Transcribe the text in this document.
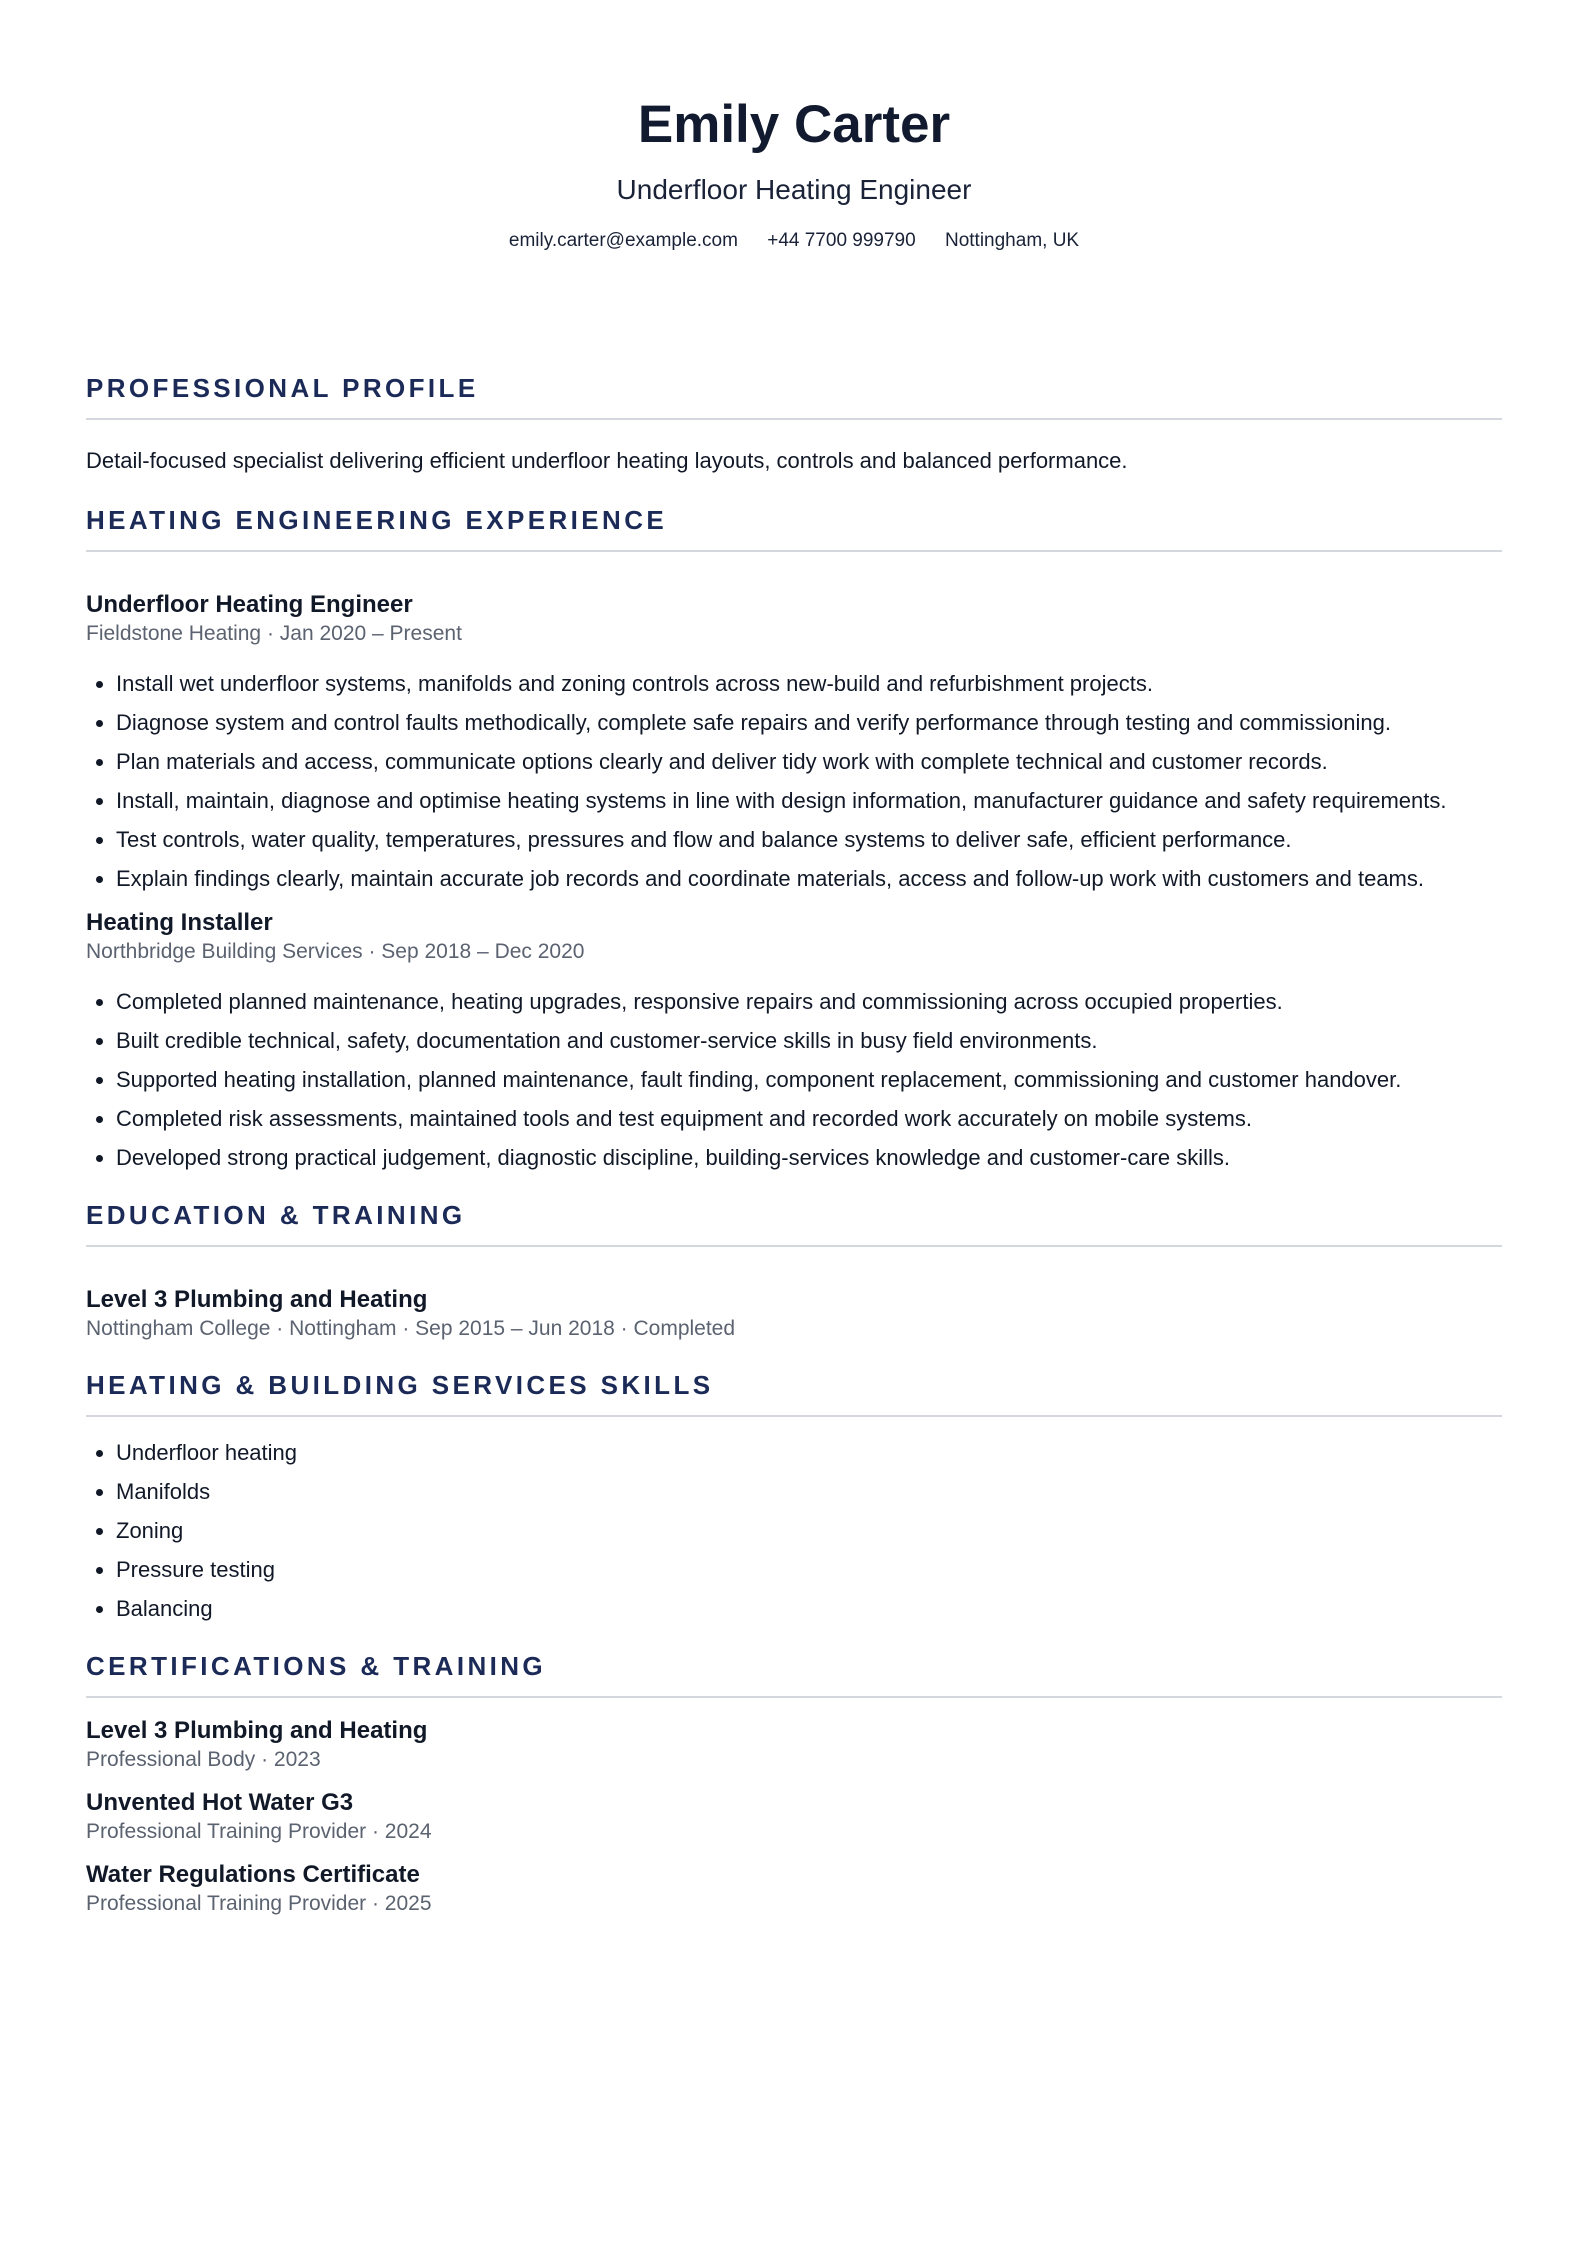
Emily Carter
Underfloor Heating Engineer
emily.carter@example.com +44 7700 999790 Nottingham, UK
PROFESSIONAL PROFILE
Detail-focused specialist delivering efficient underfloor heating layouts, controls and balanced performance.
HEATING ENGINEERING EXPERIENCE
Underfloor Heating Engineer
Fieldstone Heating · Jan 2020 – Present
• Install wet underfloor systems, manifolds and zoning controls across new-build and refurbishment projects.
• Diagnose system and control faults methodically, complete safe repairs and verify performance through testing and commissioning.
• Plan materials and access, communicate options clearly and deliver tidy work with complete technical and customer records.
• Install, maintain, diagnose and optimise heating systems in line with design information, manufacturer guidance and safety requirements.
• Test controls, water quality, temperatures, pressures and flow and balance systems to deliver safe, efficient performance.
• Explain findings clearly, maintain accurate job records and coordinate materials, access and follow-up work with customers and teams.
Heating Installer
Northbridge Building Services · Sep 2018 – Dec 2020
• Completed planned maintenance, heating upgrades, responsive repairs and commissioning across occupied properties.
• Built credible technical, safety, documentation and customer-service skills in busy field environments.
• Supported heating installation, planned maintenance, fault finding, component replacement, commissioning and customer handover.
• Completed risk assessments, maintained tools and test equipment and recorded work accurately on mobile systems.
• Developed strong practical judgement, diagnostic discipline, building-services knowledge and customer-care skills.
EDUCATION & TRAINING
Level 3 Plumbing and Heating
Nottingham College · Nottingham · Sep 2015 – Jun 2018 · Completed
HEATING & BUILDING SERVICES SKILLS
• Underfloor heating
• Manifolds
• Zoning
• Pressure testing
• Balancing
CERTIFICATIONS & TRAINING
Level 3 Plumbing and Heating
Professional Body · 2023
Unvented Hot Water G3
Professional Training Provider · 2024
Water Regulations Certificate
Professional Training Provider · 2025
